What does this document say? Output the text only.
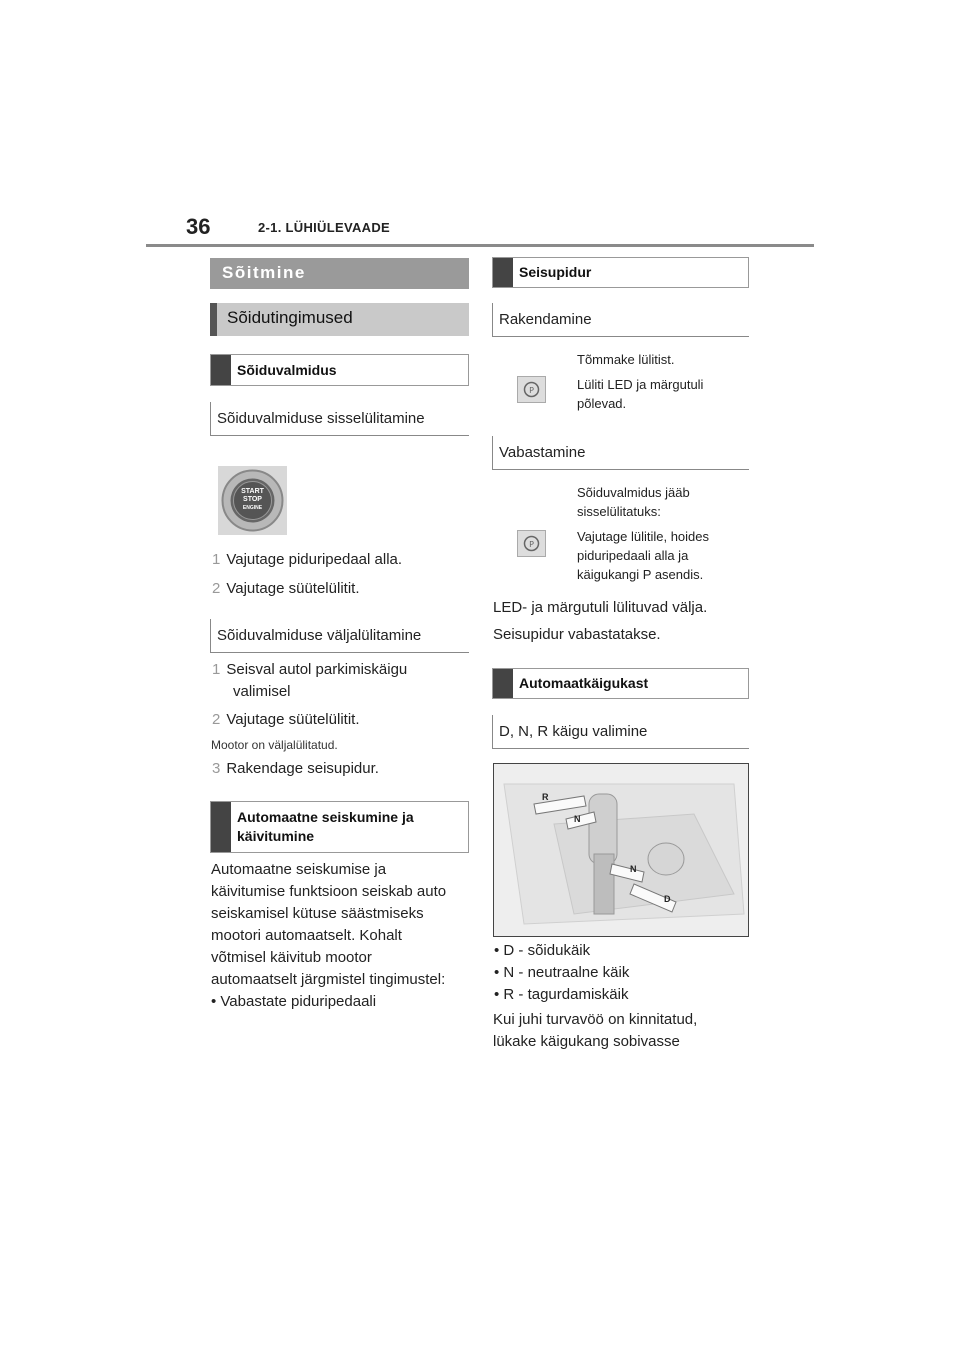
36	2-1. LÜHIÜLEVAADE
Sõitmine
Sõidutingimused
Sõiduvalmidus
Sõiduvalmiduse sisselülitamine
START
STOP
ENGINE
1 Vajutage piduripedaal alla.
2 Vajutage süütelülitit.
Sõiduvalmiduse väljalülitamine
1 Seisval autol parkimiskäigu
valimisel
2 Vajutage süütelülitit.
Mootor on väljalülitatud.
3 Rakendage seisupidur.
Automaatne seiskumine ja
käivitumine
Automaatne seiskumise ja
käivitumise funktsioon seiskab auto
seiskamisel kütuse säästmiseks
mootori automaatselt. Kohalt
võtmisel käivitub mootor
automaatselt järgmistel tingimustel:
• Vabastate piduripedaali
Seisupidur
Rakendamine
P
Tõmmake lülitist.
Lüliti LED ja märgutuli
põlevad.
Vabastamine
P
Sõiduvalmidus jääb
sisselülitatuks:
Vajutage lülitile, hoides
piduripedaali alla ja
käigukangi P asendis.
LED- ja märgutuli lülituvad välja.
Seisupidur vabastatakse.
Automaatkäigukast
D, N, R käigu valimine
R
N
N
D
• D - sõidukäik
• N - neutraalne käik
• R - tagurdamiskäik
Kui juhi turvavöö on kinnitatud,
lükake käigukang sobivasse
